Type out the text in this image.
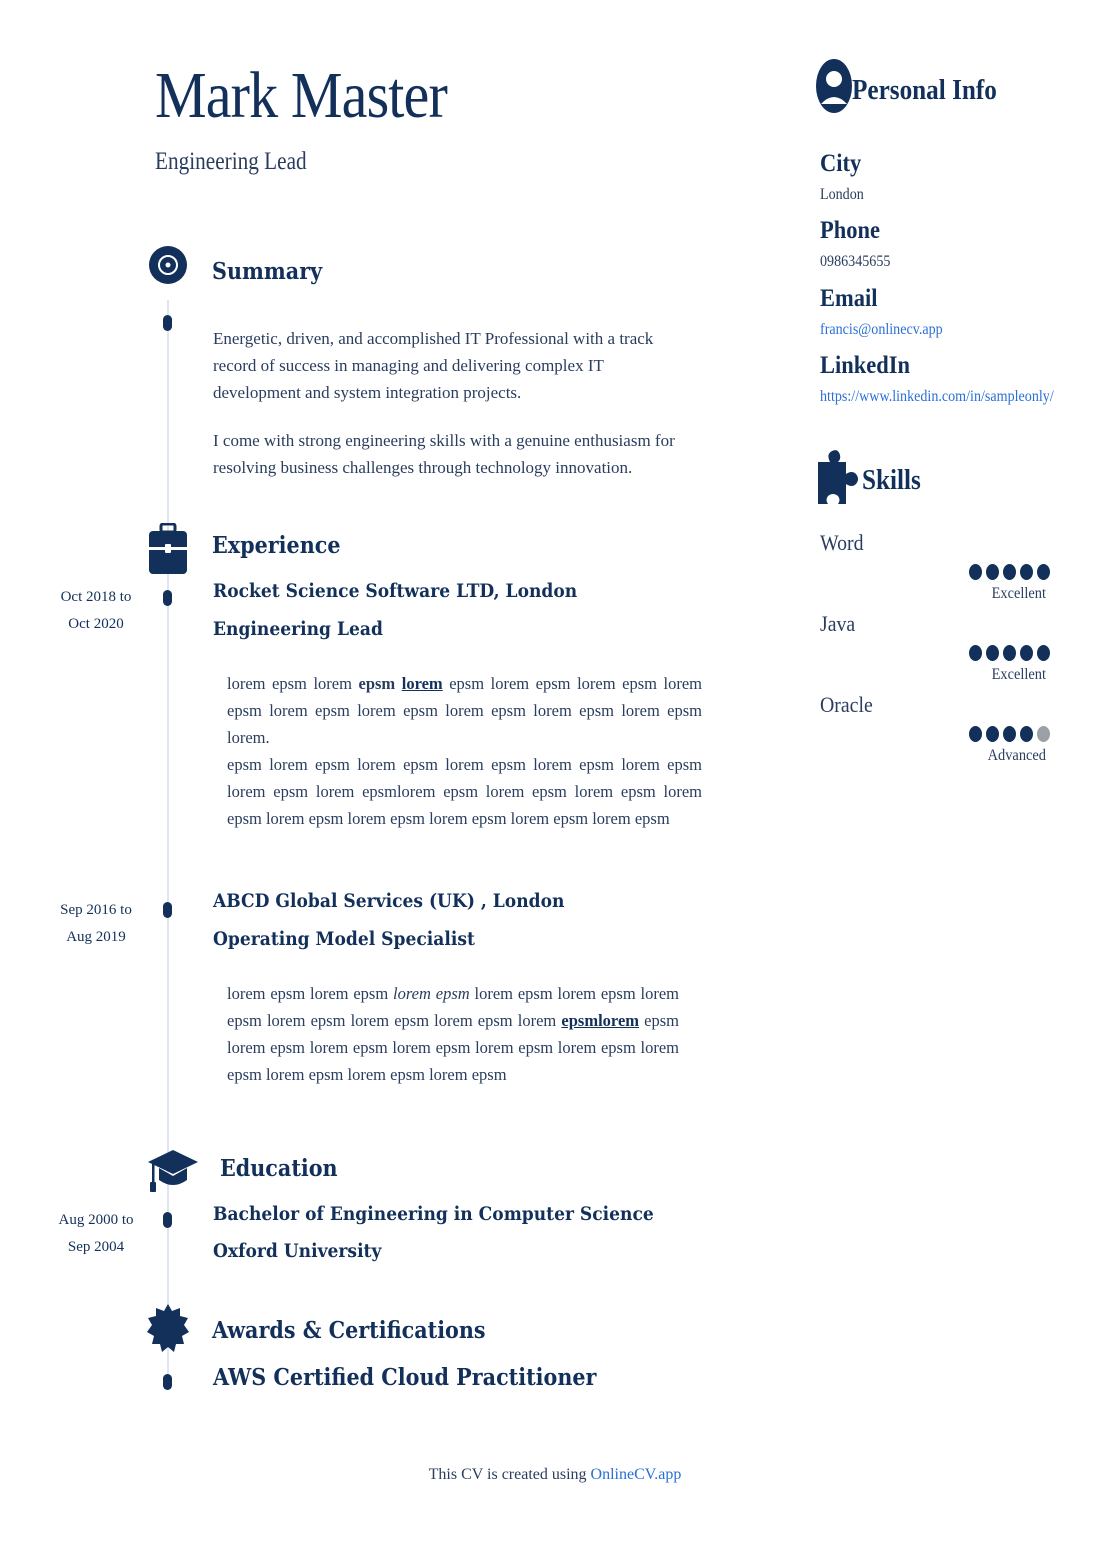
Mark Master
Engineering Lead
Summary
Energetic, driven, and accomplished IT Professional with a track record of success in managing and delivering complex IT development and system integration projects.
I come with strong engineering skills with a genuine enthusiasm for resolving business challenges through technology innovation.
Experience
Oct 2018 to
Oct 2020
Rocket Science Software LTD, London
Engineering Lead
lorem epsm lorem epsm lorem epsm lorem epsm lorem epsm lorem epsm lorem epsm lorem epsm lorem epsm lorem epsm lorem epsm lorem.
epsm lorem epsm lorem epsm lorem epsm lorem epsm lorem epsm lorem epsm lorem epsmlorem epsm lorem epsm lorem epsm lorem epsm lorem epsm lorem epsm lorem epsm lorem epsm lorem epsm
Sep 2016 to
Aug 2019
ABCD Global Services (UK) , London
Operating Model Specialist
lorem epsm lorem epsm lorem epsm lorem epsm lorem epsm lorem epsm lorem epsm lorem epsm lorem epsm lorem epsmlorem epsm lorem epsm lorem epsm lorem epsm lorem epsm lorem epsm lorem epsm lorem epsm lorem epsm lorem epsm
Education
Aug 2000 to
Sep 2004
Bachelor of Engineering in Computer Science
Oxford University
Awards & Certifications
AWS Certified Cloud Practitioner
Personal Info
City
London
Phone
0986345655
Email
francis@onlinecv.app
LinkedIn
https://www.linkedin.com/in/sampleonly/
Skills
Word
Excellent
Java
Excellent
Oracle
Advanced
This CV is created using OnlineCV.app
